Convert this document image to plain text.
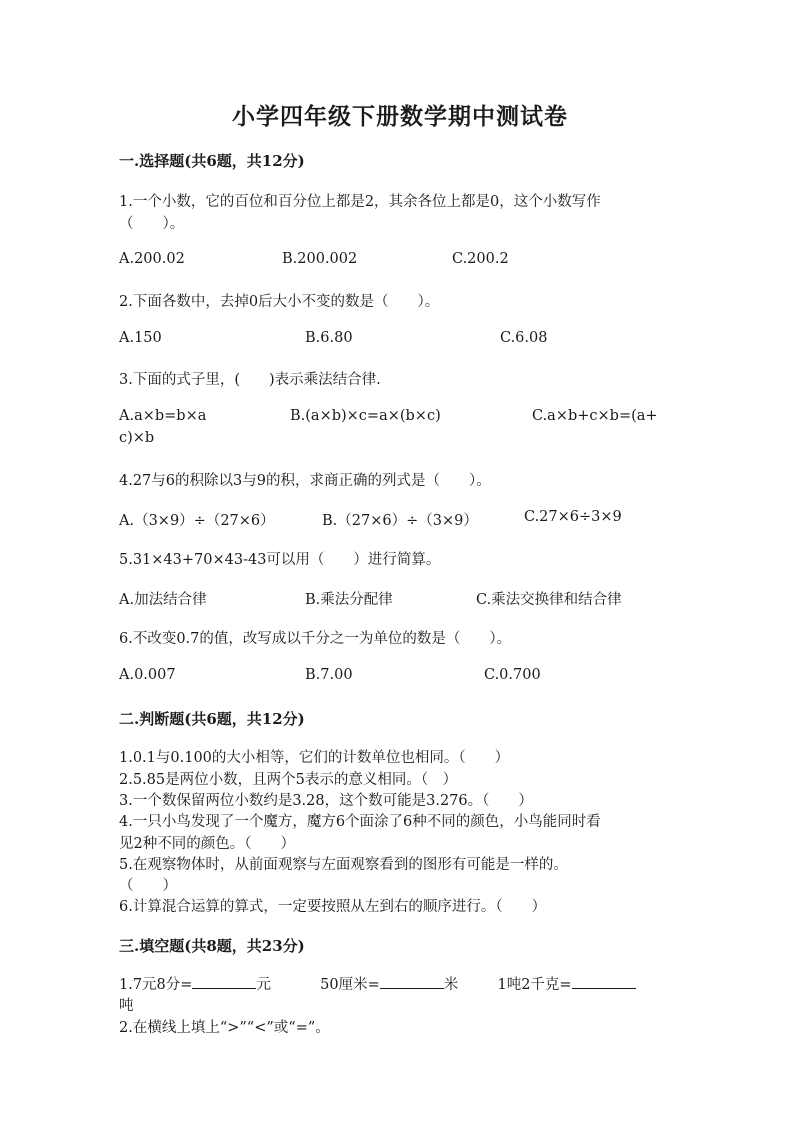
小学四年级下册数学期中测试卷
一.选择题(共6题，共12分)
1.一个小数，它的百位和百分位上都是2，其余各位上都是0，这个小数写作
（　　）。
A.200.02	B.200.002	C.200.2
2.下面各数中，去掉0后大小不变的数是（　　）。
A.150	B.6.80	C.6.08
3.下面的式子里，(　　)表示乘法结合律.
A.a×b=b×a	B.(a×b)×c=a×(b×c)	C.a×b+c×b=(a+
c)×b
4.27与6的积除以3与9的积，求商正确的列式是（　　）。
A.（3×9）÷（27×6）	B.（27×6）÷（3×9）	C.27×6÷3×9
5.31×43+70×43-43可以用（　　）进行简算。
A.加法结合律	B.乘法分配律	C.乘法交换律和结合律
6.不改变0.7的值，改写成以千分之一为单位的数是（　　）。
A.0.007	B.7.00	C.0.700
二.判断题(共6题，共12分)
1.0.1与0.100的大小相等，它们的计数单位也相同。（　　）
2.5.85是两位小数，且两个5表示的意义相同。（　）
3.一个数保留两位小数约是3.28，这个数可能是3.276。（　　）
4.一只小鸟发现了一个魔方，魔方6个面涂了6种不同的颜色，小鸟能同时看
见2种不同的颜色。（　　）
5.在观察物体时，从前面观察与左面观察看到的图形有可能是一样的。
（　　）
6.计算混合运算的算式，一定要按照从左到右的顺序进行。（　　）
三.填空题(共8题，共23分)
1.7元8分=	元	50厘米=	米	1吨2千克=
吨
2.在横线上填上“>”“<”或“=”。
